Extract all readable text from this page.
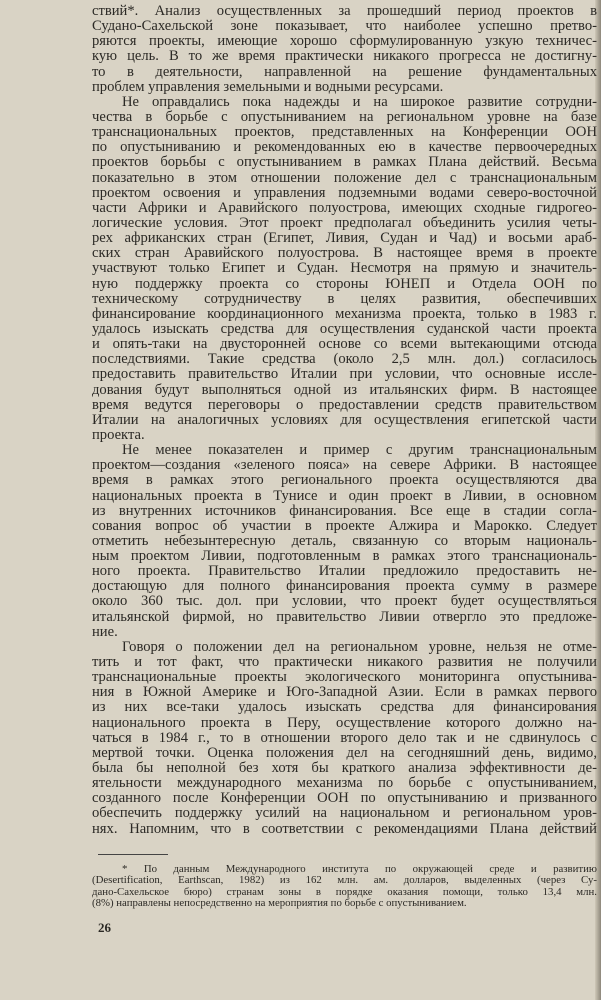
ствий*. Анализ осуществленных за прошедший период проектов в
Судано-Сахельской зоне показывает, что наиболее успешно претво-
ряются проекты, имеющие хорошо сформулированную узкую техничес-
кую цель. В то же время практически никакого прогресса не достигну-
то в деятельности, направленной на решение фундаментальных
проблем управления земельными и водными ресурсами.
Не оправдались пока надежды и на широкое развитие сотрудни-
чества в борьбе с опустыниванием на региональном уровне на базе
транснациональных проектов, представленных на Конференции ООН
по опустыниванию и рекомендованных ею в качестве первоочередных
проектов борьбы с опустыниванием в рамках Плана действий. Весьма
показательно в этом отношении положение дел с транснациональным
проектом освоения и управления подземными водами северо-восточной
части Африки и Аравийского полуострова, имеющих сходные гидрогео-
логические условия. Этот проект предполагал объединить усилия четы-
рех африканских стран (Египет, Ливия, Судан и Чад) и восьми араб-
ских стран Аравийского полуострова. В настоящее время в проекте
участвуют только Египет и Судан. Несмотря на прямую и значитель-
ную поддержку проекта со стороны ЮНЕП и Отдела ООН по
техническому сотрудничеству в целях развития, обеспечивших
финансирование координационного механизма проекта, только в 1983 г.
удалось изыскать средства для осуществления суданской части проекта
и опять-таки на двусторонней основе со всеми вытекающими отсюда
последствиями. Такие средства (около 2,5 млн. дол.) согласилось
предоставить правительство Италии при условии, что основные иссле-
дования будут выполняться одной из итальянских фирм. В настоящее
время ведутся переговоры о предоставлении средств правительством
Италии на аналогичных условиях для осуществления египетской части
проекта.
Не менее показателен и пример с другим транснациональным
проектом—создания «зеленого пояса» на севере Африки. В настоящее
время в рамках этого регионального проекта осуществляются два
национальных проекта в Тунисе и один проект в Ливии, в основном
из внутренних источников финансирования. Все еще в стадии согла-
сования вопрос об участии в проекте Алжира и Марокко. Следует
отметить небезынтересную деталь, связанную со вторым националь-
ным проектом Ливии, подготовленным в рамках этого транснациональ-
ного проекта. Правительство Италии предложило предоставить не-
достающую для полного финансирования проекта сумму в размере
около 360 тыс. дол. при условии, что проект будет осуществляться
итальянской фирмой, но правительство Ливии отвергло это предложе-
ние.
Говоря о положении дел на региональном уровне, нельзя не отме-
тить и тот факт, что практически никакого развития не получили
транснациональные проекты экологического мониторинга опустынива-
ния в Южной Америке и Юго-Западной Азии. Если в рамках первого
из них все-таки удалось изыскать средства для финансирования
национального проекта в Перу, осуществление которого должно на-
чаться в 1984 г., то в отношении второго дело так и не сдвинулось с
мертвой точки. Оценка положения дел на сегодняшний день, видимо,
была бы неполной без хотя бы краткого анализа эффективности де-
ятельности международного механизма по борьбе с опустыниванием,
созданного после Конференции ООН по опустыниванию и призванного
обеспечить поддержку усилий на национальном и региональном уров-
нях. Напомним, что в соответствии с рекомендациями Плана действий
* По данным Международного института по окружающей среде и развитию
(Desertification, Earthscan, 1982) из 162 млн. ам. долларов, выделенных (через Су-
дано-Сахельское бюро) странам зоны в порядке оказания помощи, только 13,4 млн.
(8%) направлены непосредственно на мероприятия по борьбе с опустыниванием.
26
